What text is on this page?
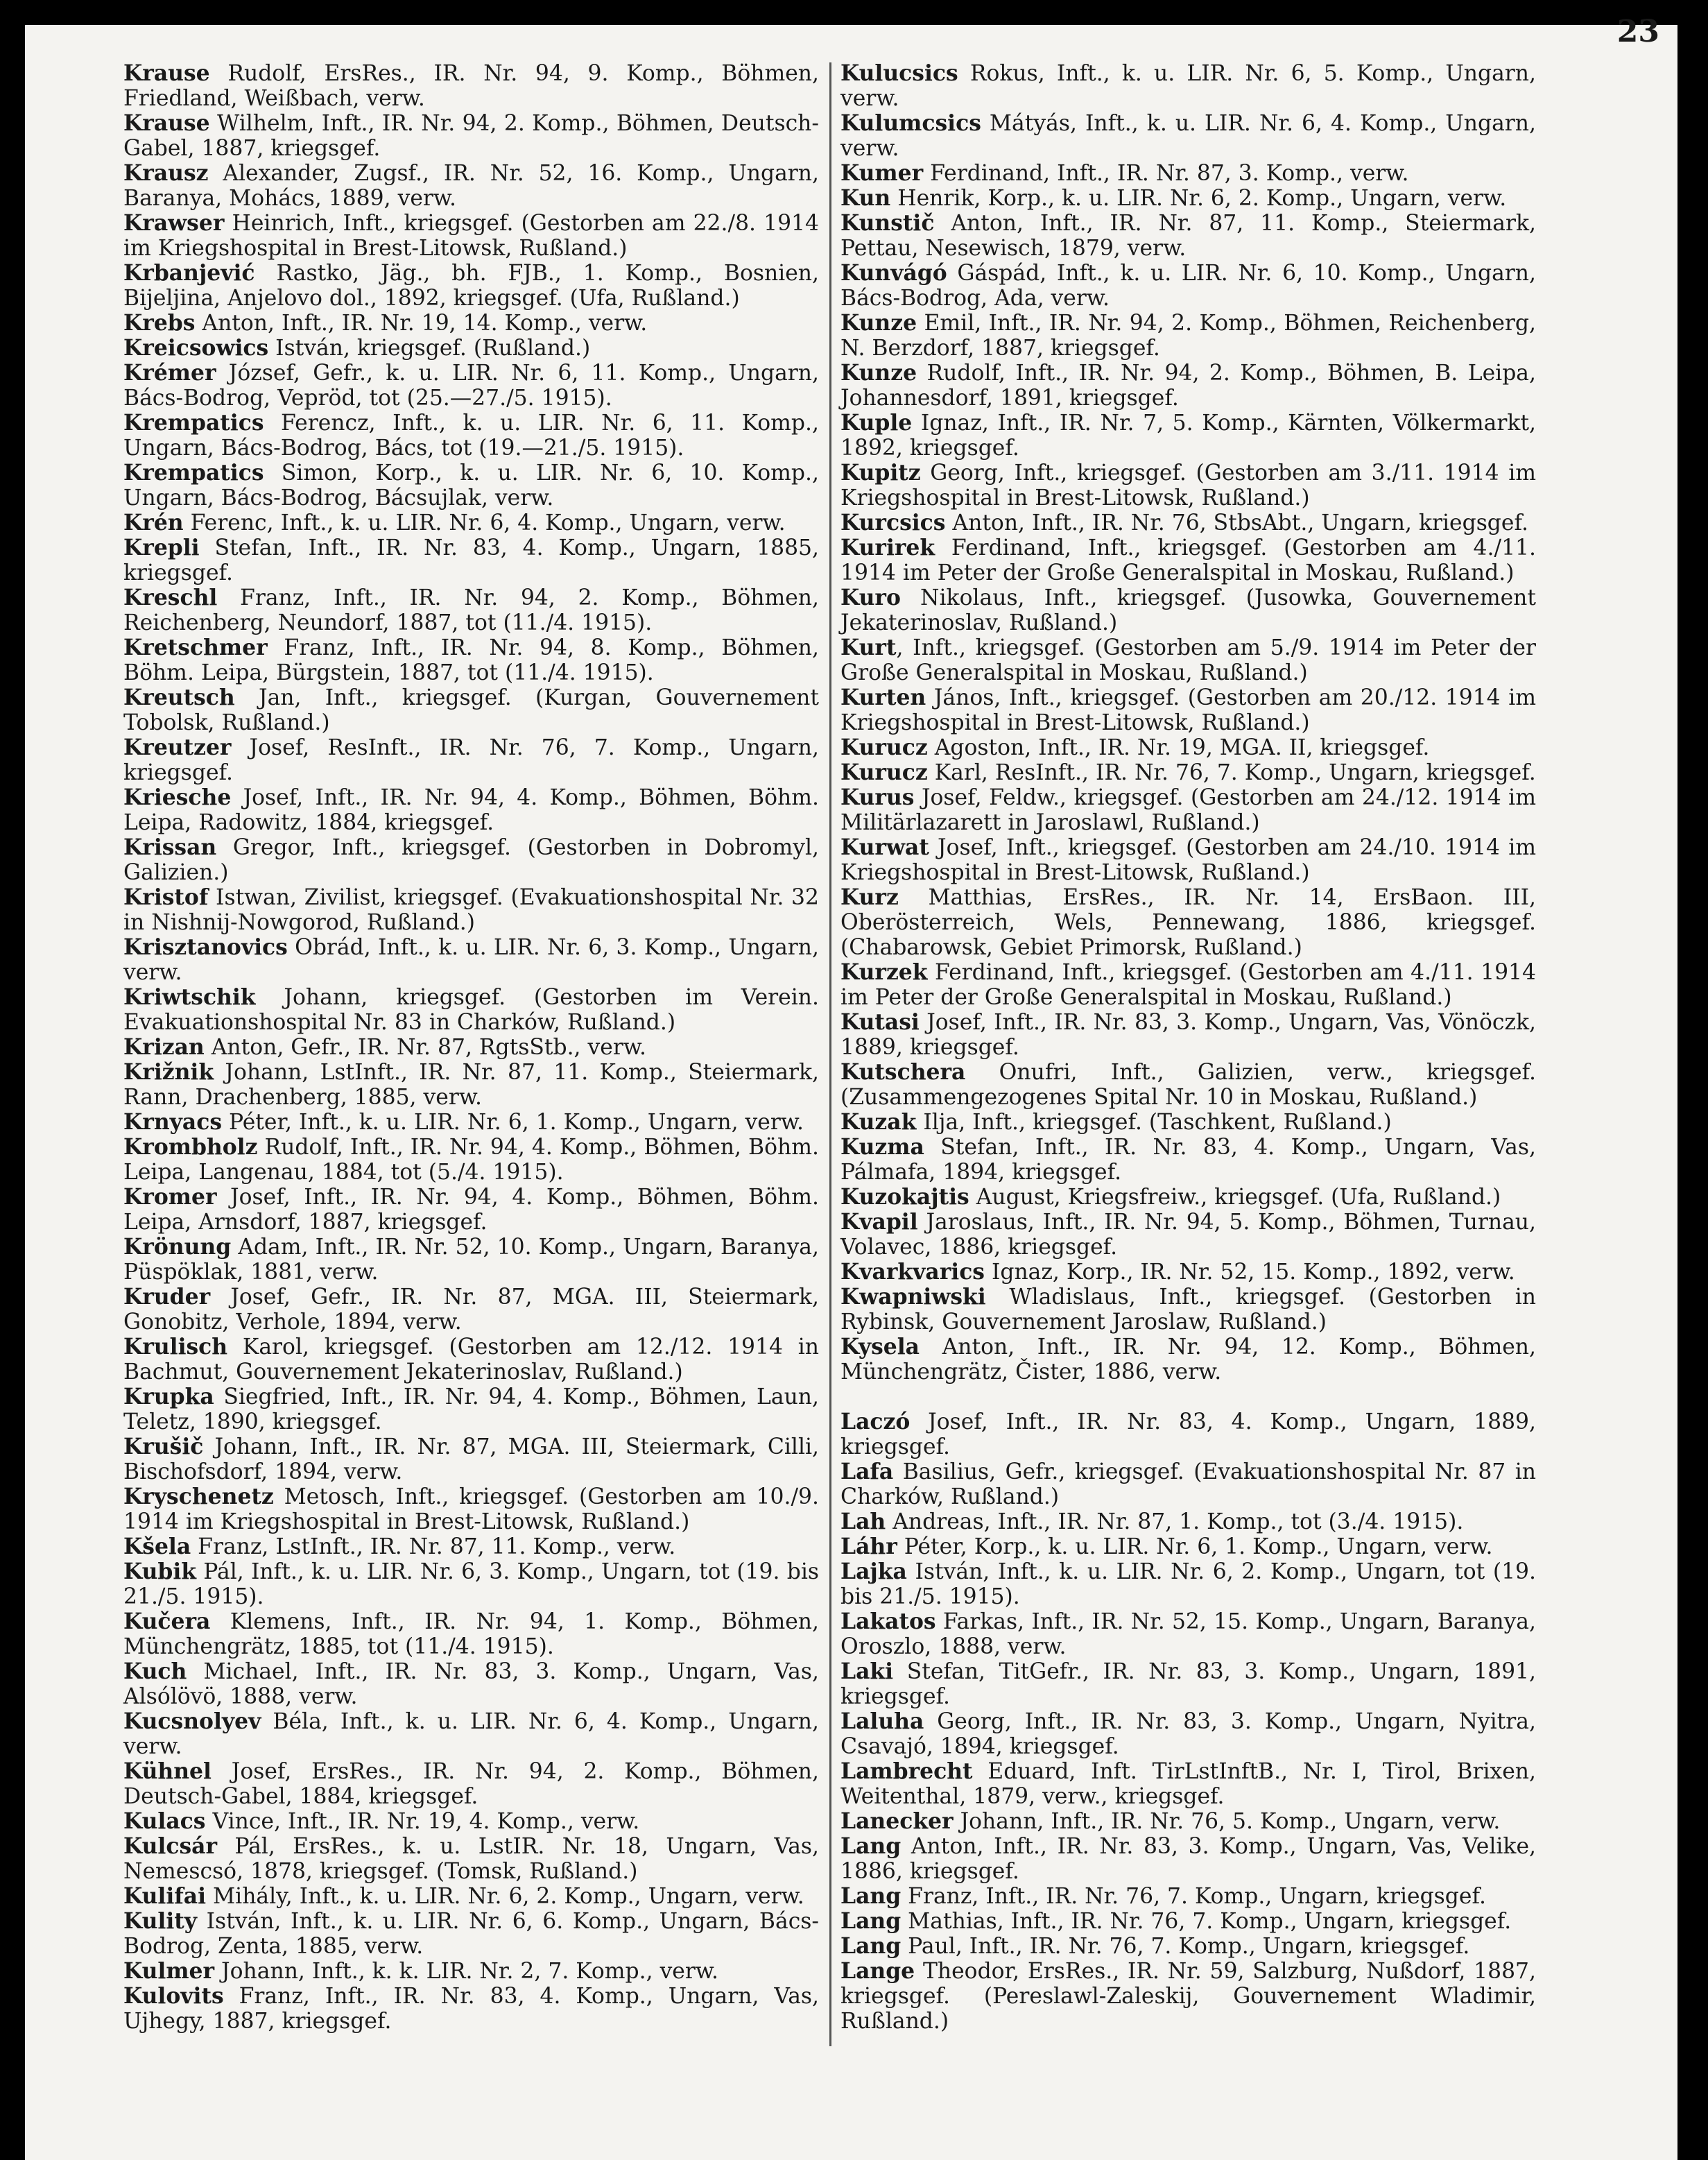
23

Krause Rudolf, ErsRes., IR. Nr. 94, 9. Komp., Böhmen, Friedland, Weißbach, verw.

Krause Wilhelm, Inft., IR. Nr. 94, 2. Komp., Böhmen, Deutsch-Gabel, 1887, kriegsgef.

Krausz Alexander, Zugsf., IR. Nr. 52, 16. Komp., Ungarn, Baranya, Mohács, 1889, verw.

Krawser Heinrich, Inft., kriegsgef. (Gestorben am 22./8. 1914 im Kriegshospital in Brest-Litowsk, Rußland.)

Krbanjević Rastko, Jäg., bh. FJB., 1. Komp., Bosnien, Bijeljina, Anjelovo dol., 1892, kriegsgef. (Ufa, Rußland.)

Krebs Anton, Inft., IR. Nr. 19, 14. Komp., verw.

Kreicsowics István, kriegsgef. (Rußland.)

Krémer József, Gefr., k. u. LIR. Nr. 6, 11. Komp., Ungarn, Bács-Bodrog, Vepröd, tot (25.—27./5. 1915).

Krempatics Ferencz, Inft., k. u. LIR. Nr. 6, 11. Komp., Ungarn, Bács-Bodrog, Bács, tot (19.—21./5. 1915).

Krempatics Simon, Korp., k. u. LIR. Nr. 6, 10. Komp., Ungarn, Bács-Bodrog, Bácsujlak, verw.

Krén Ferenc, Inft., k. u. LIR. Nr. 6, 4. Komp., Ungarn, verw.

Krepli Stefan, Inft., IR. Nr. 83, 4. Komp., Ungarn, 1885, kriegsgef.

Kreschl Franz, Inft., IR. Nr. 94, 2. Komp., Böhmen, Reichenberg, Neundorf, 1887, tot (11./4. 1915).

Kretschmer Franz, Inft., IR. Nr. 94, 8. Komp., Böhmen, Böhm. Leipa, Bürgstein, 1887, tot (11./4. 1915).

Kreutsch Jan, Inft., kriegsgef. (Kurgan, Gouvernement Tobolsk, Rußland.)

Kreutzer Josef, ResInft., IR. Nr. 76, 7. Komp., Ungarn, kriegsgef.

Kriesche Josef, Inft., IR. Nr. 94, 4. Komp., Böhmen, Böhm. Leipa, Radowitz, 1884, kriegsgef.

Krissan Gregor, Inft., kriegsgef. (Gestorben in Dobromyl, Galizien.)

Kristof Istwan, Zivilist, kriegsgef. (Evakuationshospital Nr. 32 in Nishnij-Nowgorod, Rußland.)

Krisztanovics Obrád, Inft., k. u. LIR. Nr. 6, 3. Komp., Ungarn, verw.

Kriwtschik Johann, kriegsgef. (Gestorben im Verein. Evakuationshospital Nr. 83 in Charków, Rußland.)

Krizan Anton, Gefr., IR. Nr. 87, RgtsStb., verw.

Križnik Johann, LstInft., IR. Nr. 87, 11. Komp., Steiermark, Rann, Drachenberg, 1885, verw.

Krnyacs Péter, Inft., k. u. LIR. Nr. 6, 1. Komp., Ungarn, verw.

Krombholz Rudolf, Inft., IR. Nr. 94, 4. Komp., Böhmen, Böhm. Leipa, Langenau, 1884, tot (5./4. 1915).

Kromer Josef, Inft., IR. Nr. 94, 4. Komp., Böhmen, Böhm. Leipa, Arnsdorf, 1887, kriegsgef.

Krönung Adam, Inft., IR. Nr. 52, 10. Komp., Ungarn, Baranya, Püspöklak, 1881, verw.

Kruder Josef, Gefr., IR. Nr. 87, MGA. III, Steiermark, Gonobitz, Verhole, 1894, verw.

Krulisch Karol, kriegsgef. (Gestorben am 12./12. 1914 in Bachmut, Gouvernement Jekaterinoslav, Rußland.)

Krupka Siegfried, Inft., IR. Nr. 94, 4. Komp., Böhmen, Laun, Teletz, 1890, kriegsgef.

Krušič Johann, Inft., IR. Nr. 87, MGA. III, Steiermark, Cilli, Bischofsdorf, 1894, verw.

Kryschenetz Metosch, Inft., kriegsgef. (Gestorben am 10./9. 1914 im Kriegshospital in Brest-Litowsk, Rußland.)

Kšela Franz, LstInft., IR. Nr. 87, 11. Komp., verw.

Kubik Pál, Inft., k. u. LIR. Nr. 6, 3. Komp., Ungarn, tot (19. bis 21./5. 1915).

Kučera Klemens, Inft., IR. Nr. 94, 1. Komp., Böhmen, Münchengrätz, 1885, tot (11./4. 1915).

Kuch Michael, Inft., IR. Nr. 83, 3. Komp., Ungarn, Vas, Alsólövö, 1888, verw.

Kucsnolyev Béla, Inft., k. u. LIR. Nr. 6, 4. Komp., Ungarn, verw.

Kühnel Josef, ErsRes., IR. Nr. 94, 2. Komp., Böhmen, Deutsch-Gabel, 1884, kriegsgef.

Kulacs Vince, Inft., IR. Nr. 19, 4. Komp., verw.

Kulcsár Pál, ErsRes., k. u. LstIR. Nr. 18, Ungarn, Vas, Nemescsó, 1878, kriegsgef. (Tomsk, Rußland.)

Kulifai Mihály, Inft., k. u. LIR. Nr. 6, 2. Komp., Ungarn, verw.

Kulity István, Inft., k. u. LIR. Nr. 6, 6. Komp., Ungarn, Bács-Bodrog, Zenta, 1885, verw.

Kulmer Johann, Inft., k. k. LIR. Nr. 2, 7. Komp., verw.

Kulovits Franz, Inft., IR. Nr. 83, 4. Komp., Ungarn, Vas, Ujhegy, 1887, kriegsgef.

Kulucsics Rokus, Inft., k. u. LIR. Nr. 6, 5. Komp., Ungarn, verw.

Kulumcsics Mátyás, Inft., k. u. LIR. Nr. 6, 4. Komp., Ungarn, verw.

Kumer Ferdinand, Inft., IR. Nr. 87, 3. Komp., verw.

Kun Henrik, Korp., k. u. LIR. Nr. 6, 2. Komp., Ungarn, verw.

Kunstič Anton, Inft., IR. Nr. 87, 11. Komp., Steiermark, Pettau, Nesewisch, 1879, verw.

Kunvágó Gáspád, Inft., k. u. LIR. Nr. 6, 10. Komp., Ungarn, Bács-Bodrog, Ada, verw.

Kunze Emil, Inft., IR. Nr. 94, 2. Komp., Böhmen, Reichenberg, N. Berzdorf, 1887, kriegsgef.

Kunze Rudolf, Inft., IR. Nr. 94, 2. Komp., Böhmen, B. Leipa, Johannesdorf, 1891, kriegsgef.

Kuple Ignaz, Inft., IR. Nr. 7, 5. Komp., Kärnten, Völkermarkt, 1892, kriegsgef.

Kupitz Georg, Inft., kriegsgef. (Gestorben am 3./11. 1914 im Kriegshospital in Brest-Litowsk, Rußland.)

Kurcsics Anton, Inft., IR. Nr. 76, StbsAbt., Ungarn, kriegsgef.

Kurirek Ferdinand, Inft., kriegsgef. (Gestorben am 4./11. 1914 im Peter der Große Generalspital in Moskau, Rußland.)

Kuro Nikolaus, Inft., kriegsgef. (Jusowka, Gouvernement Jekaterinoslav, Rußland.)

Kurt, Inft., kriegsgef. (Gestorben am 5./9. 1914 im Peter der Große Generalspital in Moskau, Rußland.)

Kurten János, Inft., kriegsgef. (Gestorben am 20./12. 1914 im Kriegshospital in Brest-Litowsk, Rußland.)

Kurucz Agoston, Inft., IR. Nr. 19, MGA. II, kriegsgef.

Kurucz Karl, ResInft., IR. Nr. 76, 7. Komp., Ungarn, kriegsgef.

Kurus Josef, Feldw., kriegsgef. (Gestorben am 24./12. 1914 im Militärlazarett in Jaroslawl, Rußland.)

Kurwat Josef, Inft., kriegsgef. (Gestorben am 24./10. 1914 im Kriegshospital in Brest-Litowsk, Rußland.)

Kurz Matthias, ErsRes., IR. Nr. 14, ErsBaon. III, Oberösterreich, Wels, Pennewang, 1886, kriegsgef. (Chabarowsk, Gebiet Primorsk, Rußland.)

Kurzek Ferdinand, Inft., kriegsgef. (Gestorben am 4./11. 1914 im Peter der Große Generalspital in Moskau, Rußland.)

Kutasi Josef, Inft., IR. Nr. 83, 3. Komp., Ungarn, Vas, Vönöczk, 1889, kriegsgef.

Kutschera Onufri, Inft., Galizien, verw., kriegsgef. (Zusammengezogenes Spital Nr. 10 in Moskau, Rußland.)

Kuzak Ilja, Inft., kriegsgef. (Taschkent, Rußland.)

Kuzma Stefan, Inft., IR. Nr. 83, 4. Komp., Ungarn, Vas, Pálmafa, 1894, kriegsgef.

Kuzokajtis August, Kriegsfreiw., kriegsgef. (Ufa, Rußland.)

Kvapil Jaroslaus, Inft., IR. Nr. 94, 5. Komp., Böhmen, Turnau, Volavec, 1886, kriegsgef.

Kvarkvarics Ignaz, Korp., IR. Nr. 52, 15. Komp., 1892, verw.

Kwapniwski Wladislaus, Inft., kriegsgef. (Gestorben in Rybinsk, Gouvernement Jaroslaw, Rußland.)

Kysela Anton, Inft., IR. Nr. 94, 12. Komp., Böhmen, Münchengrätz, Čister, 1886, verw.

Laczó Josef, Inft., IR. Nr. 83, 4. Komp., Ungarn, 1889, kriegsgef.

Lafa Basilius, Gefr., kriegsgef. (Evakuationshospital Nr. 87 in Charków, Rußland.)

Lah Andreas, Inft., IR. Nr. 87, 1. Komp., tot (3./4. 1915).

Láhr Péter, Korp., k. u. LIR. Nr. 6, 1. Komp., Ungarn, verw.

Lajka István, Inft., k. u. LIR. Nr. 6, 2. Komp., Ungarn, tot (19. bis 21./5. 1915).

Lakatos Farkas, Inft., IR. Nr. 52, 15. Komp., Ungarn, Baranya, Oroszlo, 1888, verw.

Laki Stefan, TitGefr., IR. Nr. 83, 3. Komp., Ungarn, 1891, kriegsgef.

Laluha Georg, Inft., IR. Nr. 83, 3. Komp., Ungarn, Nyitra, Csavajó, 1894, kriegsgef.

Lambrecht Eduard, Inft. TirLstInftB., Nr. I, Tirol, Brixen, Weitenthal, 1879, verw., kriegsgef.

Lanecker Johann, Inft., IR. Nr. 76, 5. Komp., Ungarn, verw.

Lang Anton, Inft., IR. Nr. 83, 3. Komp., Ungarn, Vas, Velike, 1886, kriegsgef.

Lang Franz, Inft., IR. Nr. 76, 7. Komp., Ungarn, kriegsgef.

Lang Mathias, Inft., IR. Nr. 76, 7. Komp., Ungarn, kriegsgef.

Lang Paul, Inft., IR. Nr. 76, 7. Komp., Ungarn, kriegsgef.

Lange Theodor, ErsRes., IR. Nr. 59, Salzburg, Nußdorf, 1887, kriegsgef. (Pereslawl-Zaleskij, Gouvernement Wladimir, Rußland.)
